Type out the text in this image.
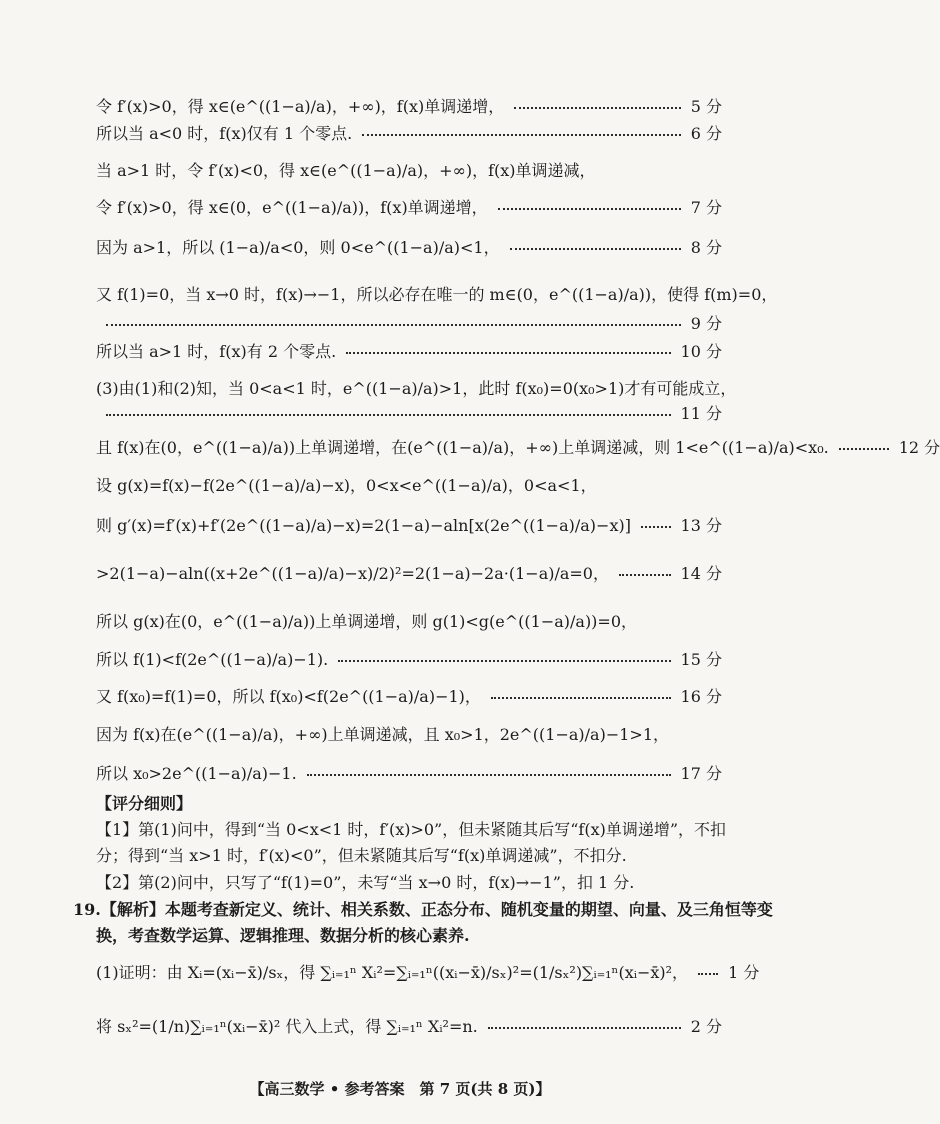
令 f′(x)>0，得 x∈(e^((1−a)/a)，+∞)，f(x)单调递增，	5 分
所以当 a<0 时，f(x)仅有 1 个零点.	6 分
当 a>1 时，令 f′(x)<0，得 x∈(e^((1−a)/a)，+∞)，f(x)单调递减，
令 f′(x)>0，得 x∈(0，e^((1−a)/a))，f(x)单调递增，	7 分
因为 a>1，所以 (1−a)/a<0，则 0<e^((1−a)/a)<1，	8 分
又 f(1)=0，当 x→0 时，f(x)→−1，所以必存在唯一的 m∈(0，e^((1−a)/a))，使得 f(m)=0，
9 分
所以当 a>1 时，f(x)有 2 个零点.	10 分
(3)由(1)和(2)知，当 0<a<1 时，e^((1−a)/a)>1，此时 f(x₀)=0(x₀>1)才有可能成立，
11 分
且 f(x)在(0，e^((1−a)/a))上单调递增，在(e^((1−a)/a)，+∞)上单调递减，则 1<e^((1−a)/a)<x₀.	12 分
设 g(x)=f(x)−f(2e^((1−a)/a)−x)，0<x<e^((1−a)/a)，0<a<1，
则 g′(x)=f′(x)+f′(2e^((1−a)/a)−x)=2(1−a)−aln[x(2e^((1−a)/a)−x)]	13 分
>2(1−a)−aln((x+2e^((1−a)/a)−x)/2)²=2(1−a)−2a·(1−a)/a=0，	14 分
所以 g(x)在(0，e^((1−a)/a))上单调递增，则 g(1)<g(e^((1−a)/a))=0，
所以 f(1)<f(2e^((1−a)/a)−1).	15 分
又 f(x₀)=f(1)=0，所以 f(x₀)<f(2e^((1−a)/a)−1)，	16 分
因为 f(x)在(e^((1−a)/a)，+∞)上单调递减，且 x₀>1，2e^((1−a)/a)−1>1，
所以 x₀>2e^((1−a)/a)−1.	17 分
【评分细则】
【1】第(1)问中，得到“当 0<x<1 时，f′(x)>0”，但未紧随其后写“f(x)单调递增”，不扣
分；得到“当 x>1 时，f′(x)<0”，但未紧随其后写“f(x)单调递减”，不扣分.
【2】第(2)问中，只写了“f(1)=0”，未写“当 x→0 时，f(x)→−1”，扣 1 分.
19.【解析】本题考查新定义、统计、相关系数、正态分布、随机变量的期望、向量、及三角恒等变
换，考查数学运算、逻辑推理、数据分析的核心素养.
(1)证明：由 Xᵢ=(xᵢ−x̄)/sₓ，得 ∑ᵢ₌₁ⁿ Xᵢ²=∑ᵢ₌₁ⁿ((xᵢ−x̄)/sₓ)²=(1/sₓ²)∑ᵢ₌₁ⁿ(xᵢ−x̄)²，	1 分
将 sₓ²=(1/n)∑ᵢ₌₁ⁿ(xᵢ−x̄)² 代入上式，得 ∑ᵢ₌₁ⁿ Xᵢ²=n.	2 分
【高三数学 • 参考答案　第 7 页(共 8 页)】
